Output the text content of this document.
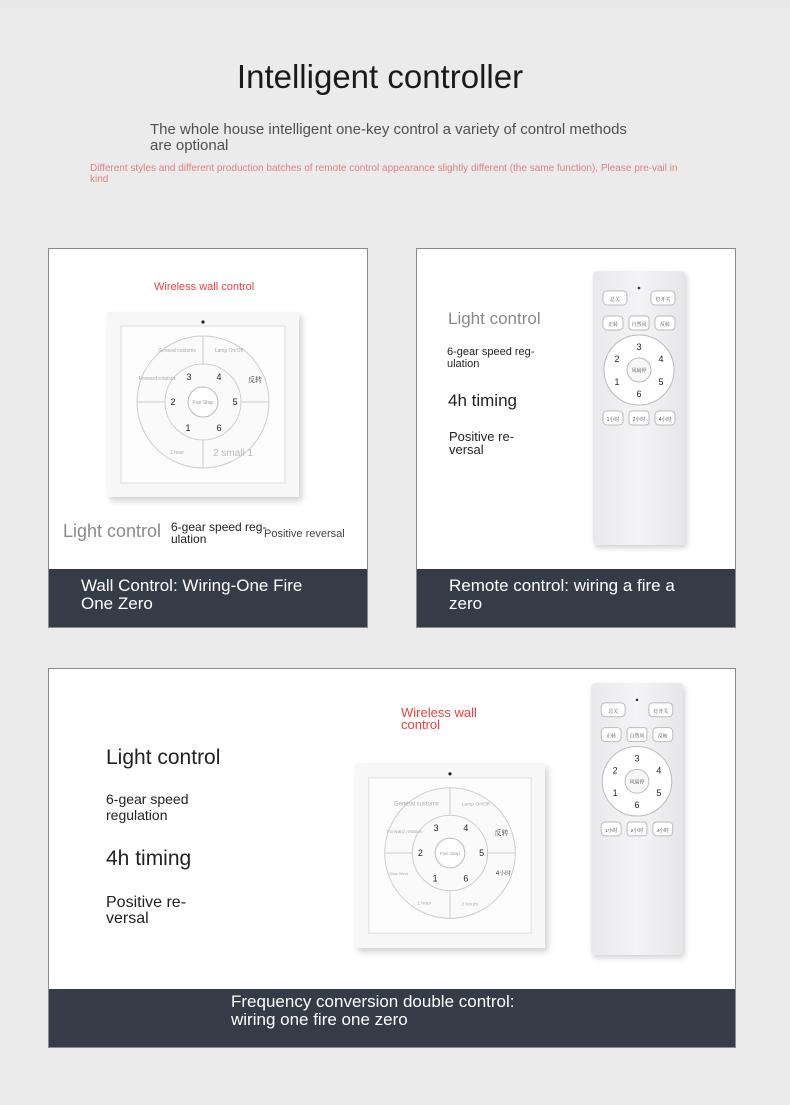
Intelligent controller
The whole house intelligent one-key control a variety of control methods are optional
Different styles and different production batches of remote control appearance slightly different (the same function), Please pre-vail in kind
Wireless wall control
Fan Stop
General customs	Lamp On/Off
Forward rotation	反转
1 hour	2 small 1
3	4
2	5
1	6
Light control 6-gear speed reg-ulation	Positive reversal
Wall Control: Wiring-One Fire One Zero
Light control
6-gear speed reg-ulation
4h timing
Positive re-versal
总关	灯开关
正转	自然风	反转
风扇停
3
2	4
1	5
6
1小时	2小时	4小时
Remote control: wiring a fire a zero
Wireless wall control
Light control
6-gear speed regulation
4h timing
Positive re-versal
Fan Stop
General customs	Lamp On/Off
Forward rotation	反转
Slow Wind	4小时
1 hour	2 hours
3	4
2	5
1	6
总关	灯开关
正转	自然风	反转
风扇停
3
2	4
1	5
6
1小时	2小时	4小时
Frequency conversion double control: wiring one fire one zero
